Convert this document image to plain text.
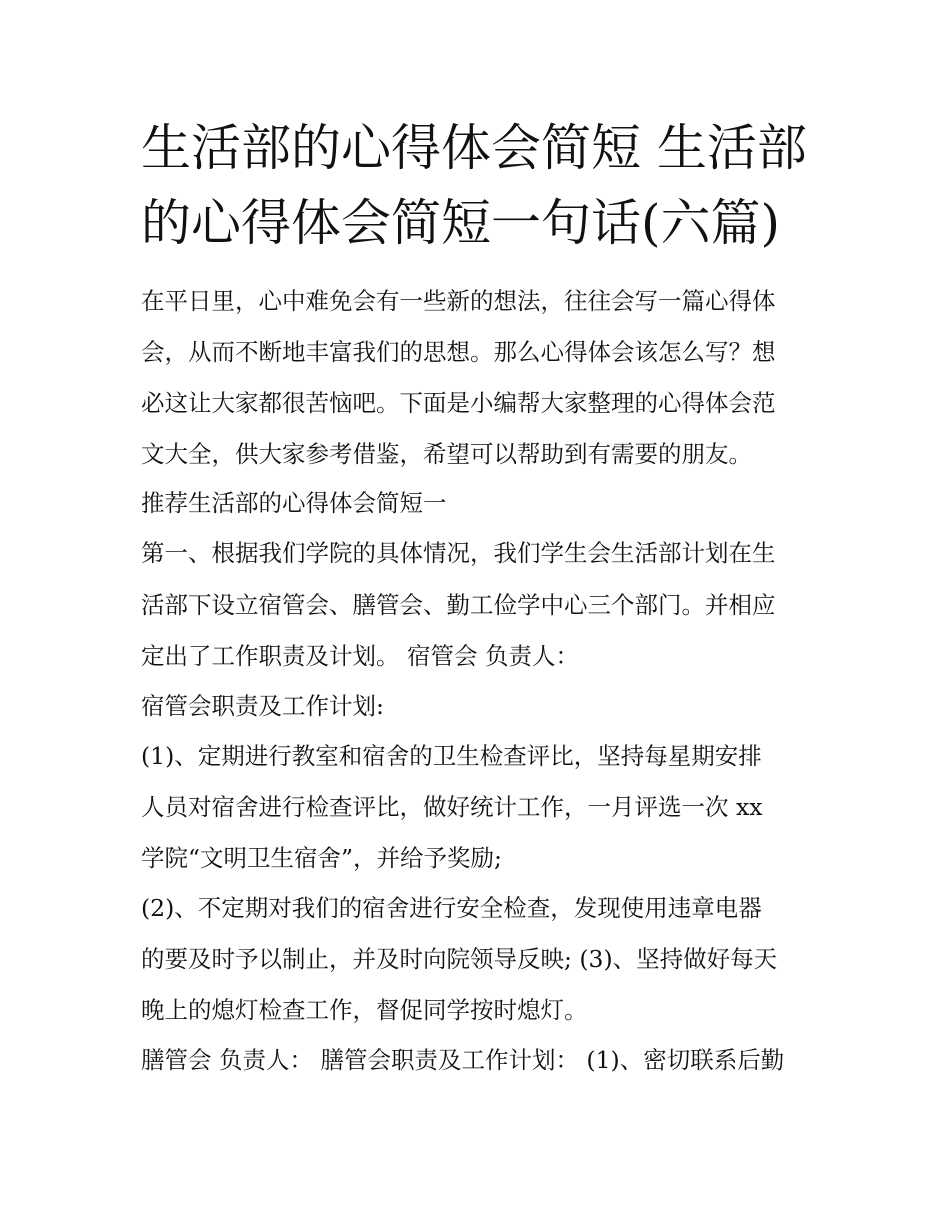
生活部的心得体会简短 生活部
的心得体会简短一句话(六篇)
在平日里，心中难免会有一些新的想法，往往会写一篇心得体
会，从而不断地丰富我们的思想。那么心得体会该怎么写？想
必这让大家都很苦恼吧。下面是小编帮大家整理的心得体会范
文大全，供大家参考借鉴，希望可以帮助到有需要的朋友。
推荐生活部的心得体会简短一
第一、根据我们学院的具体情况，我们学生会生活部计划在生
活部下设立宿管会、膳管会、勤工俭学中心三个部门。并相应
定出了工作职责及计划。 宿管会 负责人：
宿管会职责及工作计划:
(1)、定期进行教室和宿舍的卫生检查评比，坚持每星期安排
人员对宿舍进行检查评比，做好统计工作，一月评选一次 xx
学院“文明卫生宿舍”，并给予奖励;
(2)、不定期对我们的宿舍进行安全检查，发现使用违章电器
的要及时予以制止，并及时向院领导反映; (3)、坚持做好每天
晚上的熄灯检查工作，督促同学按时熄灯。
膳管会 负责人： 膳管会职责及工作计划： (1)、密切联系后勤
